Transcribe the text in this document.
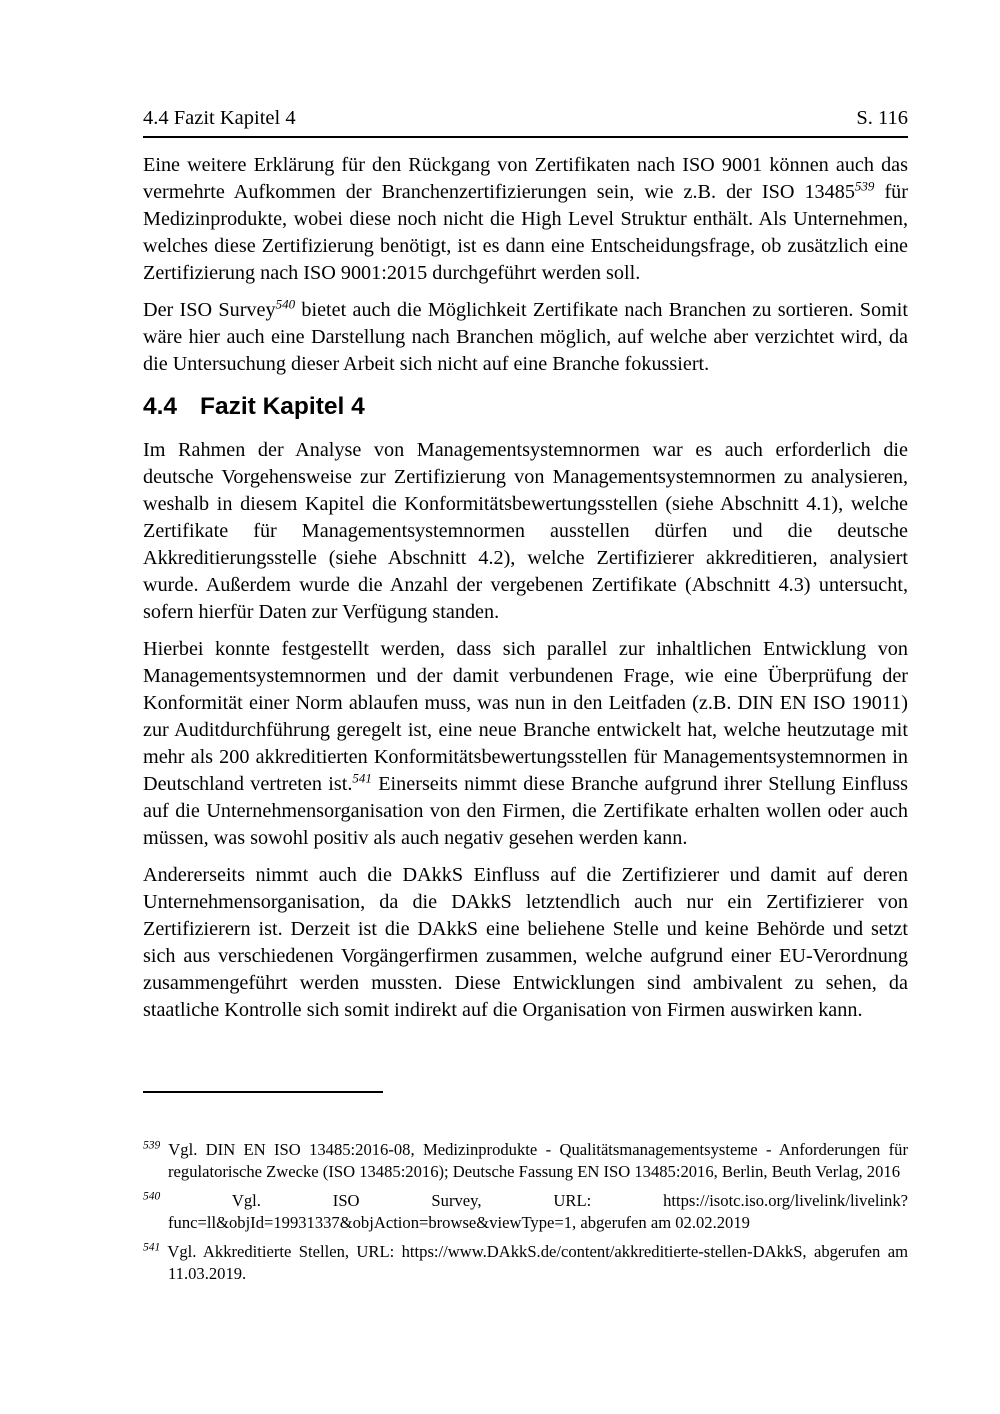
4.4 Fazit Kapitel 4	S. 116

Eine weitere Erklärung für den Rückgang von Zertifikaten nach ISO 9001 können auch das vermehrte Aufkommen der Branchenzertifizierungen sein, wie z.B. der ISO 13485$^{539}$ für Medizinprodukte, wobei diese noch nicht die High Level Struktur enthält. Als Unternehmen, welches diese Zertifizierung benötigt, ist es dann eine Entscheidungsfrage, ob zusätzlich eine Zertifizierung nach ISO 9001:2015 durchgeführt werden soll.

Der ISO Survey$^{540}$ bietet auch die Möglichkeit Zertifikate nach Branchen zu sortieren. Somit wäre hier auch eine Darstellung nach Branchen möglich, auf welche aber verzichtet wird, da die Untersuchung dieser Arbeit sich nicht auf eine Branche fokussiert.

4.4 Fazit Kapitel 4

Im Rahmen der Analyse von Managementsystemnormen war es auch erforderlich die deutsche Vorgehensweise zur Zertifizierung von Managementsystemnormen zu analysieren, weshalb in diesem Kapitel die Konformitätsbewertungsstellen (siehe Abschnitt 4.1), welche Zertifikate für Managementsystemnormen ausstellen dürfen und die deutsche Akkreditierungsstelle (siehe Abschnitt 4.2), welche Zertifizierer akkreditieren, analysiert wurde. Außerdem wurde die Anzahl der vergebenen Zertifikate (Abschnitt 4.3) untersucht, sofern hierfür Daten zur Verfügung standen.

Hierbei konnte festgestellt werden, dass sich parallel zur inhaltlichen Entwicklung von Managementsystemnormen und der damit verbundenen Frage, wie eine Überprüfung der Konformität einer Norm ablaufen muss, was nun in den Leitfaden (z.B. DIN EN ISO 19011) zur Auditdurchführung geregelt ist, eine neue Branche entwickelt hat, welche heutzutage mit mehr als 200 akkreditierten Konformitätsbewertungsstellen für Managementsystemnormen in Deutschland vertreten ist.$^{541}$ Einerseits nimmt diese Branche aufgrund ihrer Stellung Einfluss auf die Unternehmensorganisation von den Firmen, die Zertifikate erhalten wollen oder auch müssen, was sowohl positiv als auch negativ gesehen werden kann.

Andererseits nimmt auch die DAkkS Einfluss auf die Zertifizierer und damit auf deren Unternehmensorganisation, da die DAkkS letztendlich auch nur ein Zertifizierer von Zertifizierern ist. Derzeit ist die DAkkS eine beliehene Stelle und keine Behörde und setzt sich aus verschiedenen Vorgängerfirmen zusammen, welche aufgrund einer EU-Verordnung zusammengeführt werden mussten. Diese Entwicklungen sind ambivalent zu sehen, da staatliche Kontrolle sich somit indirekt auf die Organisation von Firmen auswirken kann.

$^{539}$ Vgl. DIN EN ISO 13485:2016-08, Medizinprodukte - Qualitätsmanagementsysteme - Anforderungen für regulatorische Zwecke (ISO 13485:2016); Deutsche Fassung EN ISO 13485:2016, Berlin, Beuth Verlag, 2016
$^{540}$	Vgl. ISO Survey, URL: https://isotc.iso.org/livelink/livelink?func=ll&objId=19931337&objAction=browse&viewType=1, abgerufen am 02.02.2019
$^{541}$ Vgl. Akkreditierte Stellen, URL: https://www.DAkkS.de/content/akkreditierte-stellen-DAkkS, abgerufen am 11.03.2019.
